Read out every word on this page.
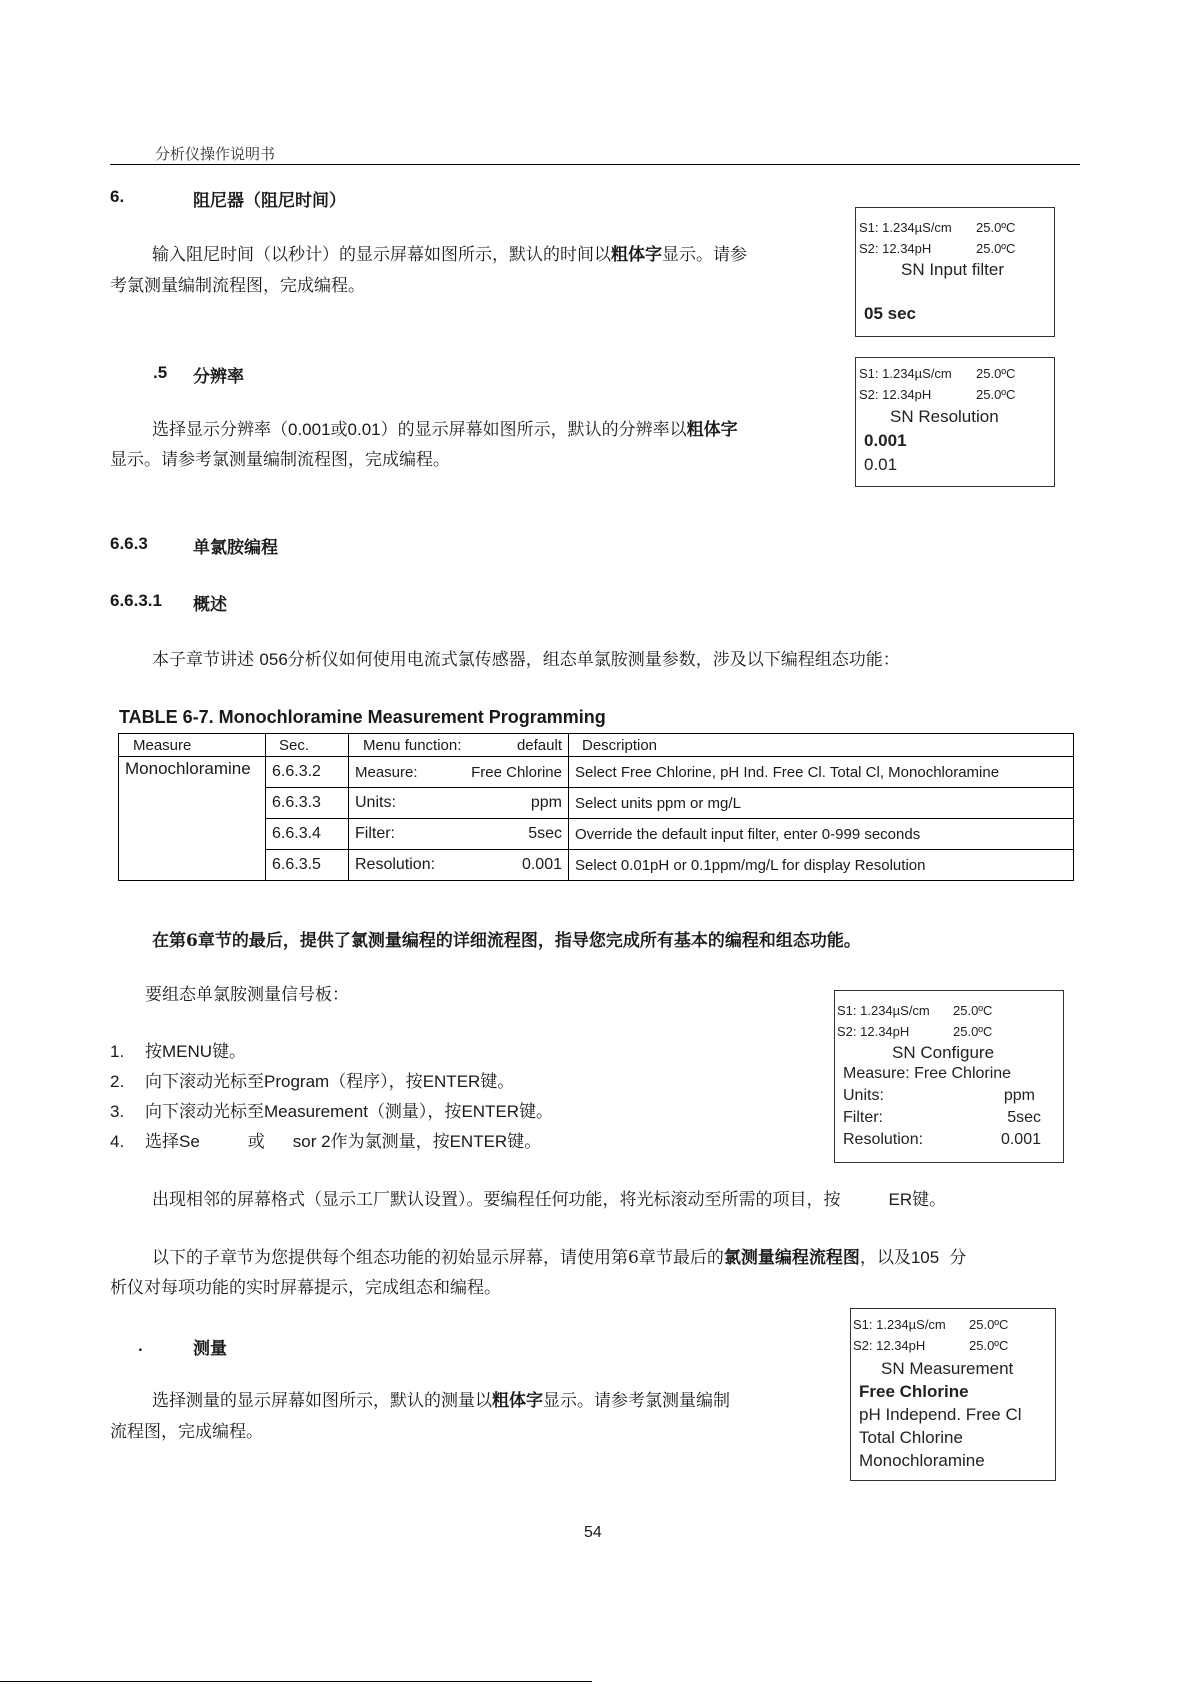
分析仪操作说明书
6.	阻尼器（阻尼时间）
输入阻尼时间（以秒计）的显示屏幕如图所示，默认的时间以粗体字显示。请参
考氯测量编制流程图，完成编程。
S1: 1.234µS/cm 25.0ºC
S2: 12.34pH	25.0ºC
SN Input filter
05 sec
.5 分辨率
选择显示分辨率（0.001或0.01）的显示屏幕如图所示，默认的分辨率以粗体字
显示。请参考氯测量编制流程图，完成编程。
S1: 1.234µS/cm 25.0ºC
S2: 12.34pH	25.0ºC
SN Resolution
0.001
0.01
6.6.3	单氯胺编程
6.6.3.1 概述
本子章节讲述 056分析仪如何使用电流式氯传感器，组态单氯胺测量参数，涉及以下编程组态功能：
TABLE 6-7. Monochloramine Measurement Programming
Measure	Sec.	Menu function: default	Description
Monochloramine	6.6.3.2	Measure: Free Chlorine	Select Free Chlorine, pH Ind. Free Cl. Total Cl, Monochloramine
	6.6.3.3	Units: ppm	Select units ppm or mg/L
	6.6.3.4	Filter: 5sec	Override the default input filter, enter 0-999 seconds
	6.6.3.5	Resolution: 0.001	Select 0.01pH or 0.1ppm/mg/L for display Resolution
在第6章节的最后，提供了氯测量编程的详细流程图，指导您完成所有基本的编程和组态功能。
要组态单氯胺测量信号板：
1. 按MENU键。
2. 向下滚动光标至Program（程序），按ENTER键。
3. 向下滚动光标至Measurement（测量），按ENTER键。
4. 选择Se	或 sor 2作为氯测量，按ENTER键。
S1: 1.234µS/cm 25.0ºC
S2: 12.34pH	25.0ºC
SN Configure
Measure: Free Chlorine
Units:	ppm
Filter:	5sec
Resolution:	0.001
出现相邻的屏幕格式（显示工厂默认设置）。要编程任何功能，将光标滚动至所需的项目，按	ER键。
以下的子章节为您提供每个组态功能的初始显示屏幕，请使用第6章节最后的氯测量编程流程图，以及105 分
析仪对每项功能的实时屏幕提示，完成组态和编程。
.	测量
选择测量的显示屏幕如图所示，默认的测量以粗体字显示。请参考氯测量编制
流程图，完成编程。
S1: 1.234µS/cm 25.0ºC
S2: 12.34pH	25.0ºC
SN Measurement
Free Chlorine
pH Independ. Free Cl
Total Chlorine
Monochloramine
54
